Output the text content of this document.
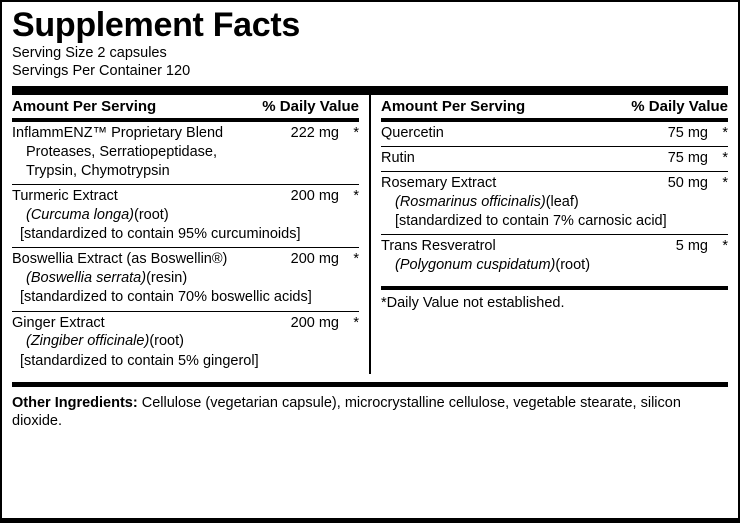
Supplement Facts
Serving Size 2 capsules
Servings Per Container 120
Amount Per Serving	% Daily Value
InflammENZ™ Proprietary Blend	222 mg *
Proteases, Serratiopeptidase,
Trypsin, Chymotrypsin
Turmeric Extract	200 mg *
(Curcuma longa)(root)
[standardized to contain 95% curcuminoids]
Boswellia Extract (as Boswellin®)	200 mg *
(Boswellia serrata)(resin)
[standardized to contain 70% boswellic acids]
Ginger Extract	200 mg *
(Zingiber officinale)(root)
[standardized to contain 5% gingerol]
Amount Per Serving	% Daily Value
Quercetin	75 mg *
Rutin	75 mg *
Rosemary Extract	50 mg *
(Rosmarinus officinalis)(leaf)
[standardized to contain 7% carnosic acid]
Trans Resveratrol	5 mg *
(Polygonum cuspidatum)(root)
*Daily Value not established.
Other Ingredients: Cellulose (vegetarian capsule), microcrystalline cellulose, vegetable stearate, silicon dioxide.
